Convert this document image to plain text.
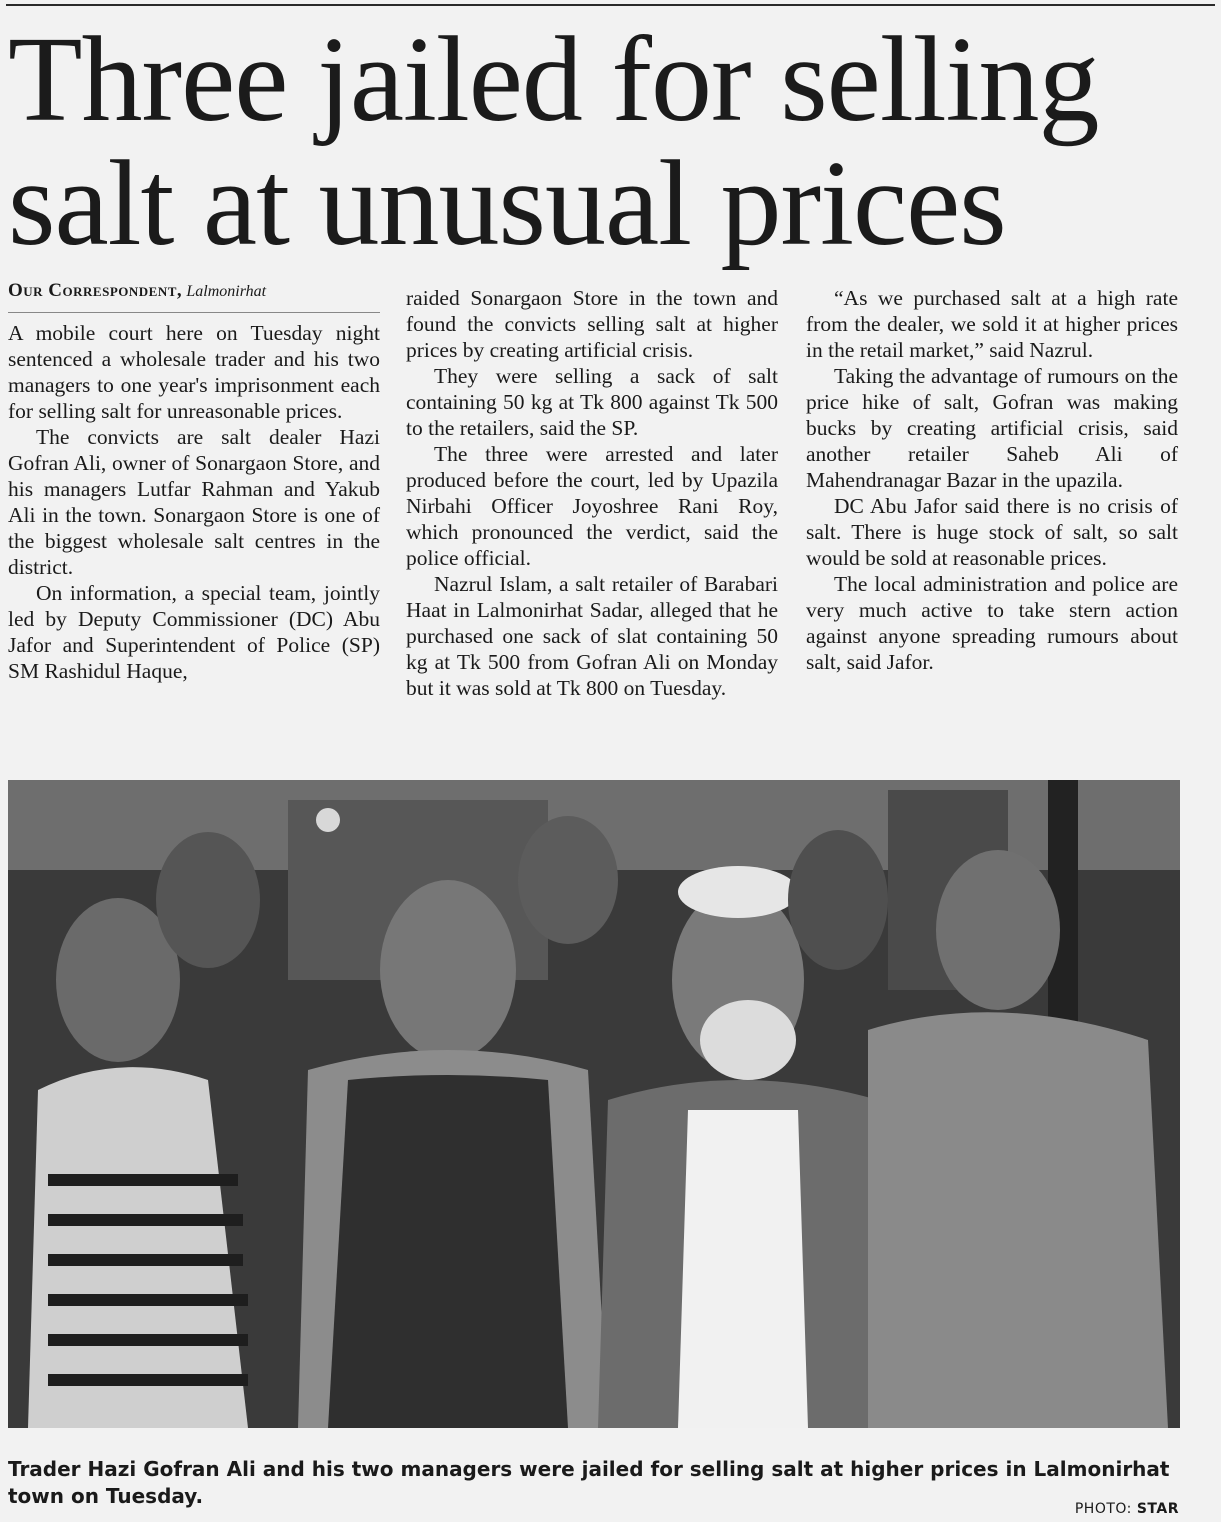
Three jailed for selling
salt at unusual prices
Our Correspondent, Lalmonirhat

A mobile court here on Tuesday night sentenced a wholesale trader and his two managers to one year's imprisonment each for selling salt for unreasonable prices.

The convicts are salt dealer Hazi Gofran Ali, owner of Sonargaon Store, and his managers Lutfar Rahman and Yakub Ali in the town. Sonargaon Store is one of the biggest wholesale salt centres in the district.

On information, a special team, jointly led by Deputy Commissioner (DC) Abu Jafor and Superintendent of Police (SP) SM Rashidul Haque,

raided Sonargaon Store in the town and found the convicts selling salt at higher prices by creating artificial crisis.

They were selling a sack of salt containing 50 kg at Tk 800 against Tk 500 to the retailers, said the SP.

The three were arrested and later produced before the court, led by Upazila Nirbahi Officer Joyoshree Rani Roy, which pronounced the verdict, said the police official.

Nazrul Islam, a salt retailer of Barabari Haat in Lalmonirhat Sadar, alleged that he purchased one sack of slat containing 50 kg at Tk 500 from Gofran Ali on Monday but it was sold at Tk 800 on Tuesday.

“As we purchased salt at a high rate from the dealer, we sold it at higher prices in the retail market,” said Nazrul.

Taking the advantage of rumours on the price hike of salt, Gofran was making bucks by creating artificial crisis, said another retailer Saheb Ali of Mahendranagar Bazar in the upazila.

DC Abu Jafor said there is no crisis of salt. There is huge stock of salt, so salt would be sold at reasonable prices.

The local administration and police are very much active to take stern action against anyone spreading rumours about salt, said Jafor.

Trader Hazi Gofran Ali and his two managers were jailed for selling salt at higher prices in Lalmonirhat town on Tuesday.
PHOTO: STAR
